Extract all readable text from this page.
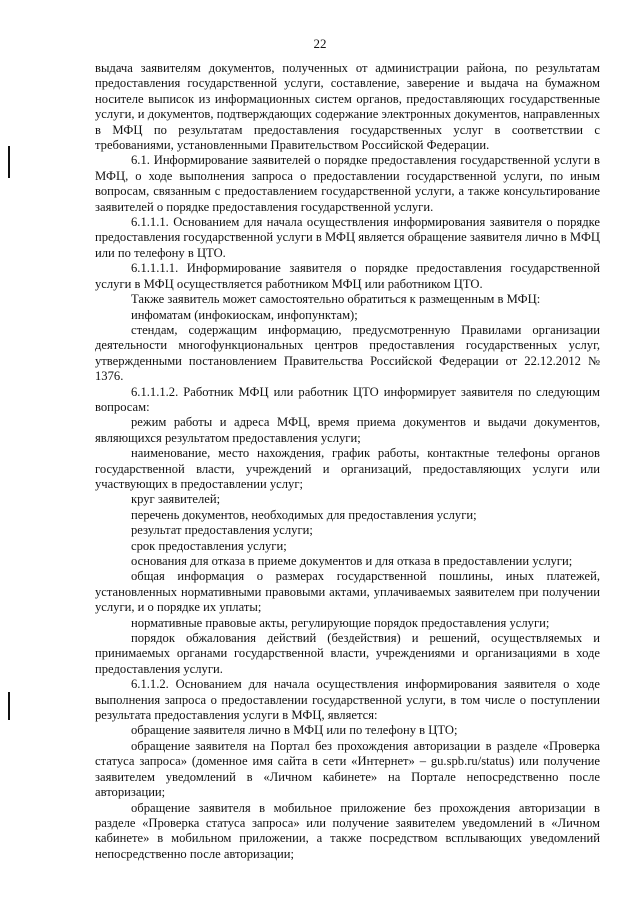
22

выдача заявителям документов, полученных от администрации района, по результатам предоставления государственной услуги, составление, заверение и выдача на бумажном носителе выписок из информационных систем органов, предоставляющих государственные услуги, и документов, подтверждающих содержание электронных документов, направленных в МФЦ по результатам предоставления государственных услуг в соответствии с требованиями, установленными Правительством Российской Федерации.

6.1. Информирование заявителей о порядке предоставления государственной услуги в МФЦ, о ходе выполнения запроса о предоставлении государственной услуги, по иным вопросам, связанным с предоставлением государственной услуги, а также консультирование заявителей о порядке предоставления государственной услуги.

6.1.1.1. Основанием для начала осуществления информирования заявителя о порядке предоставления государственной услуги в МФЦ является обращение заявителя лично в МФЦ или по телефону в ЦТО.

6.1.1.1.1. Информирование заявителя о порядке предоставления государственной услуги в МФЦ осуществляется работником МФЦ или работником ЦТО.

Также заявитель может самостоятельно обратиться к размещенным в МФЦ:

инфоматам (инфокиоскам, инфопунктам);

стендам, содержащим информацию, предусмотренную Правилами организации деятельности многофункциональных центров предоставления государственных услуг, утвержденными постановлением Правительства Российской Федерации от 22.12.2012 № 1376.

6.1.1.1.2. Работник МФЦ или работник ЦТО информирует заявителя по следующим вопросам:

режим работы и адреса МФЦ, время приема документов и выдачи документов, являющихся результатом предоставления услуги;

наименование, место нахождения, график работы, контактные телефоны органов государственной власти, учреждений и организаций, предоставляющих услуги или участвующих в предоставлении услуг;

круг заявителей;

перечень документов, необходимых для предоставления услуги;

результат предоставления услуги;

срок предоставления услуги;

основания для отказа в приеме документов и для отказа в предоставлении услуги;

общая информация о размерах государственной пошлины, иных платежей, установленных нормативными правовыми актами, уплачиваемых заявителем при получении услуги, и о порядке их уплаты;

нормативные правовые акты, регулирующие порядок предоставления услуги;

порядок обжалования действий (бездействия) и решений, осуществляемых и принимаемых органами государственной власти, учреждениями и организациями в ходе предоставления услуги.

6.1.1.2. Основанием для начала осуществления информирования заявителя о ходе выполнения запроса о предоставлении государственной услуги, в том числе о поступлении результата предоставления услуги в МФЦ, является:

обращение заявителя лично в МФЦ или по телефону в ЦТО;

обращение заявителя на Портал без прохождения авторизации в разделе «Проверка статуса запроса» (доменное имя сайта в сети «Интернет» – gu.spb.ru/status) или получение заявителем уведомлений в «Личном кабинете» на Портале непосредственно после авторизации;

обращение заявителя в мобильное приложение без прохождения авторизации в разделе «Проверка статуса запроса» или получение заявителем уведомлений в «Личном кабинете» в мобильном приложении, а также посредством всплывающих уведомлений непосредственно после авторизации;
